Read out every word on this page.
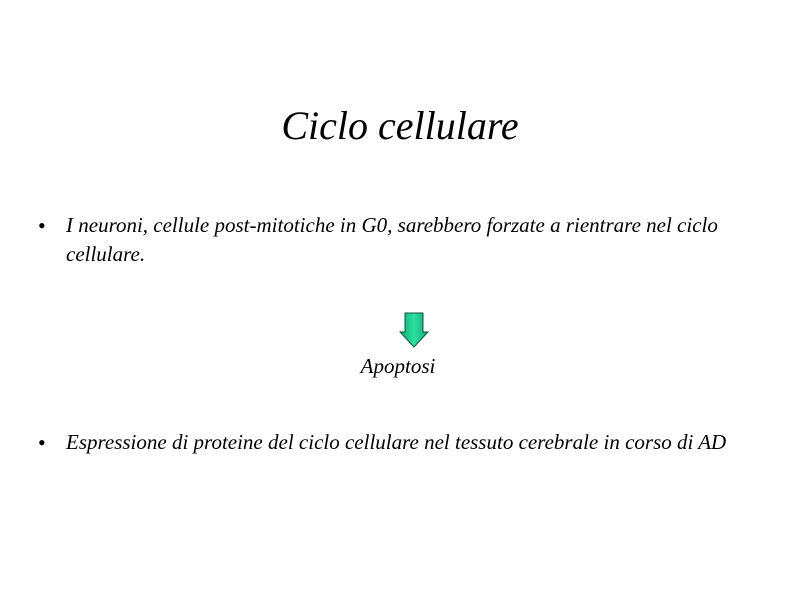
Ciclo cellulare
• I neuroni, cellule post-mitotiche in G0, sarebbero forzate a rientrare nel ciclo cellulare.
Apoptosi
• Espressione di proteine del ciclo cellulare nel tessuto cerebrale in corso di AD
